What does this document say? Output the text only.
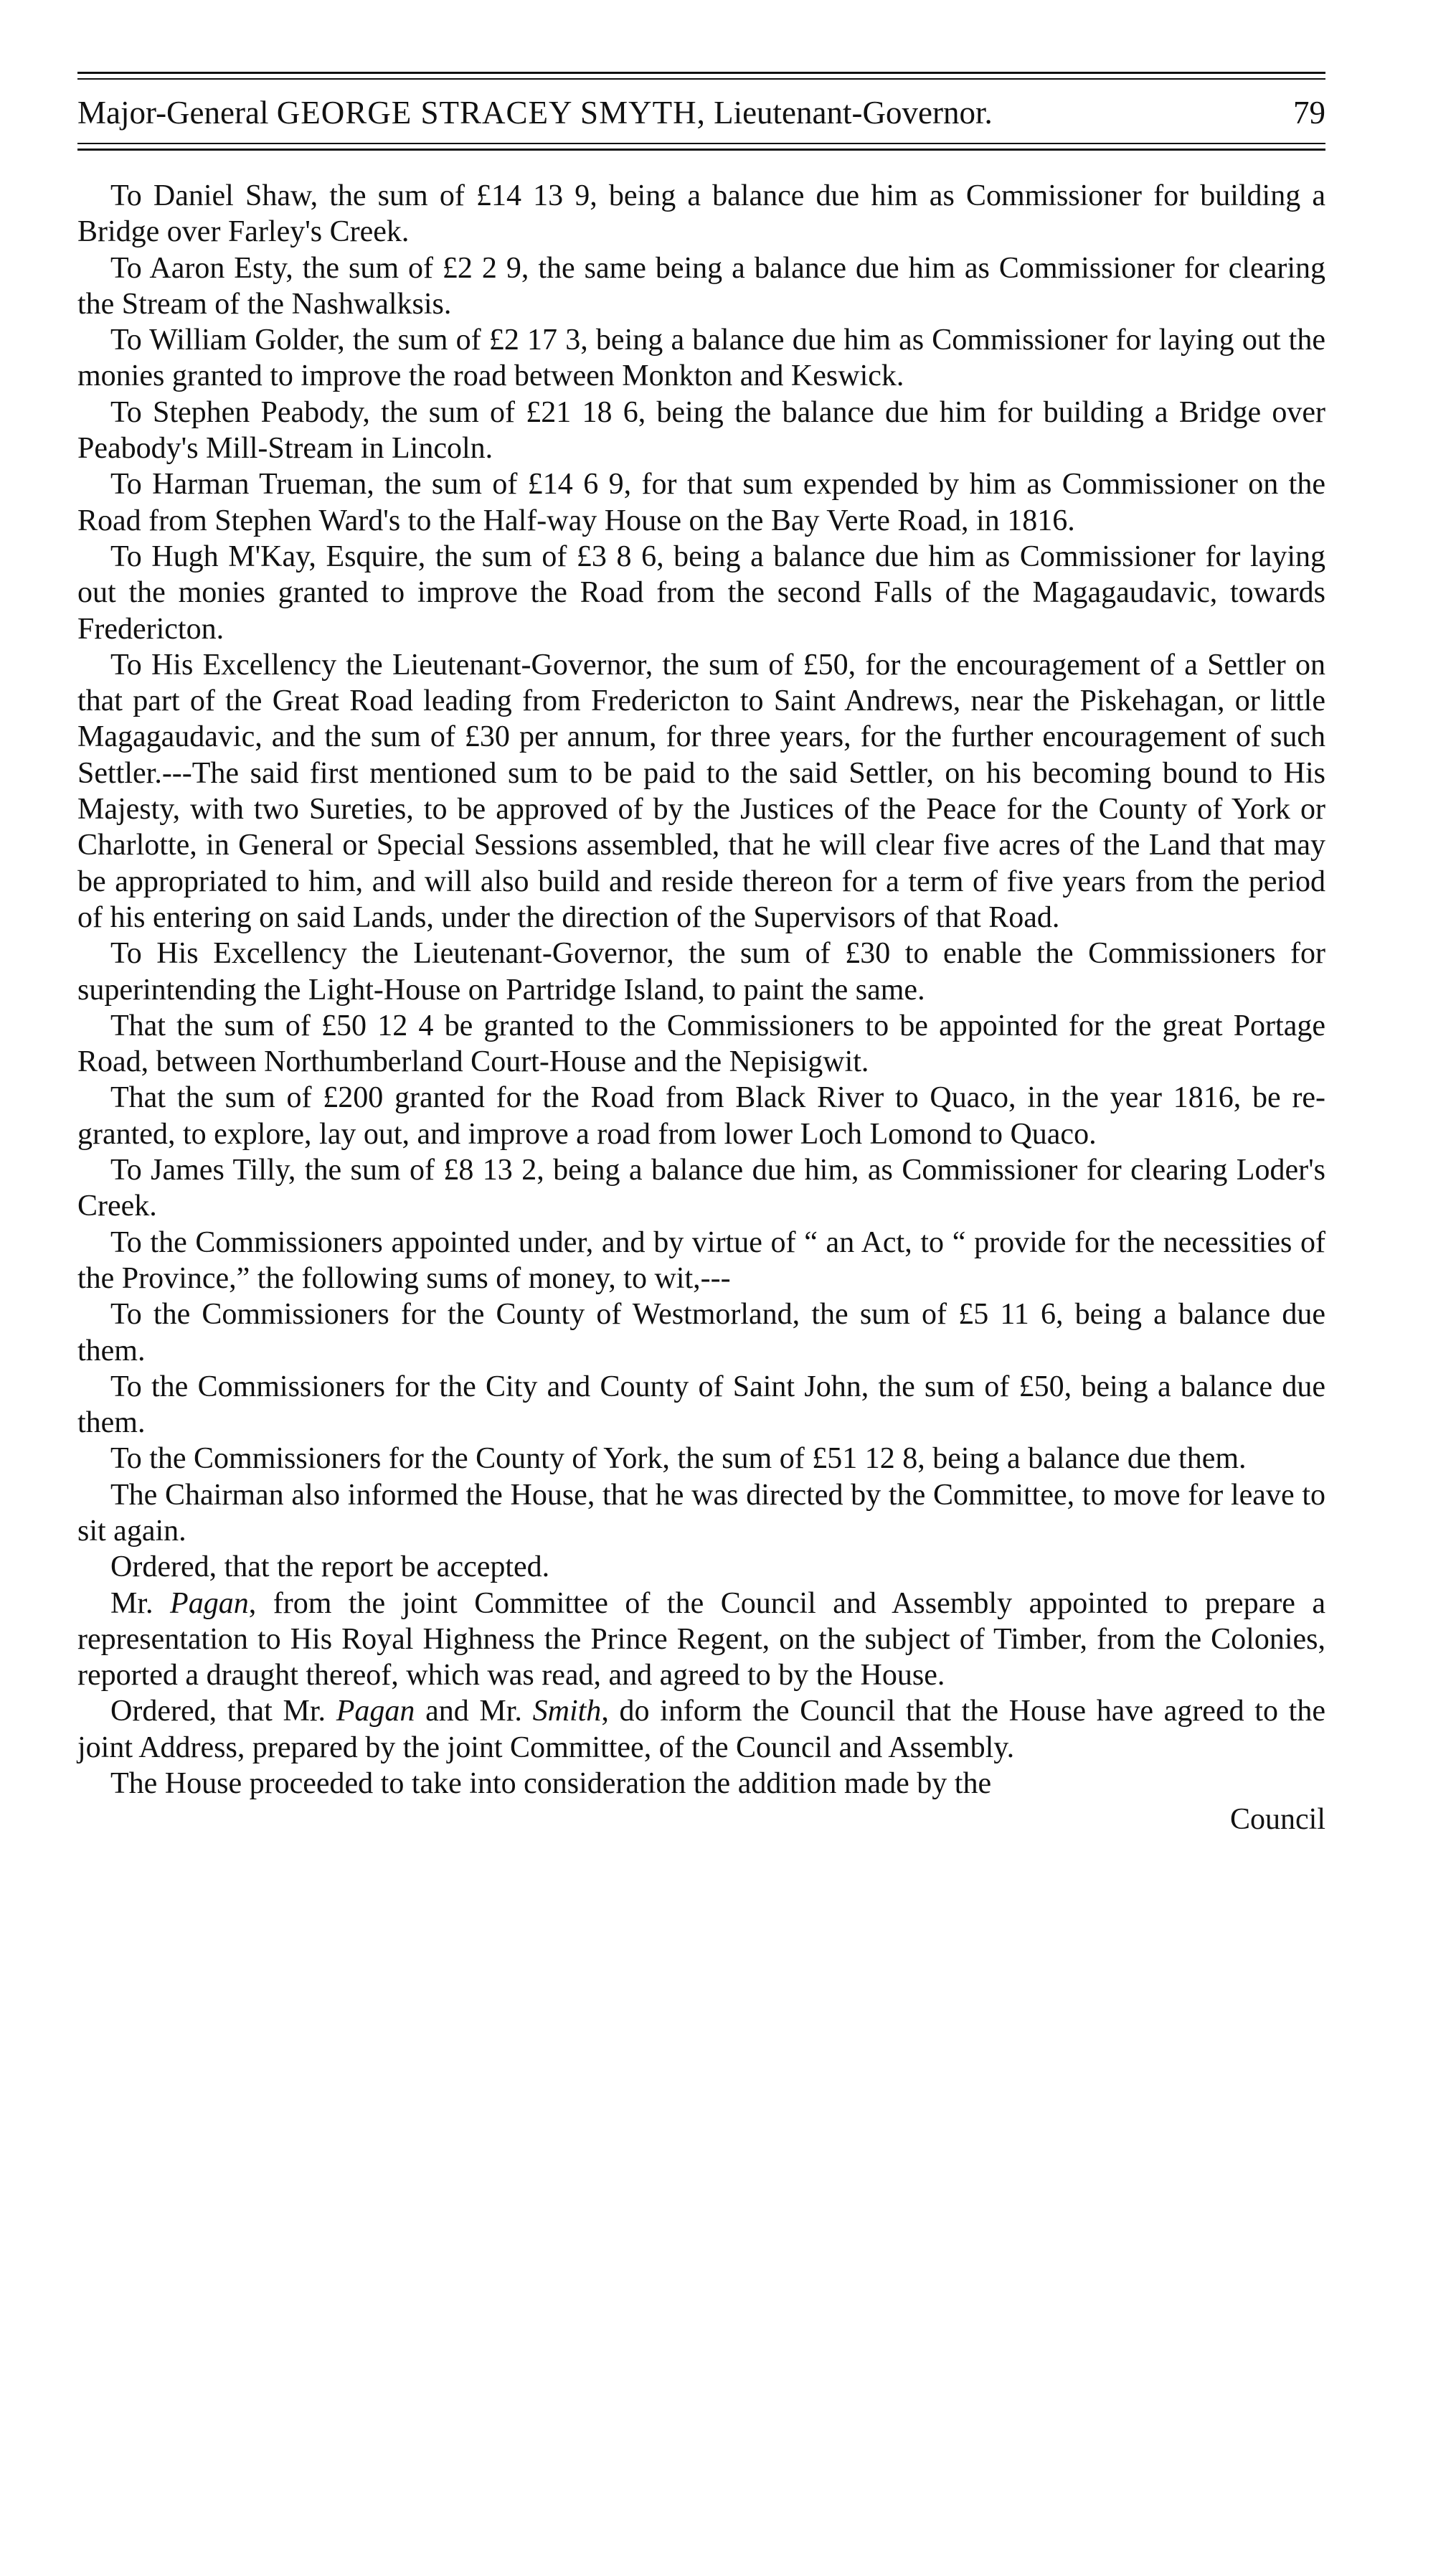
Major-General GEORGE STRACEY SMYTH, Lieutenant-Governor.	79

To Daniel Shaw, the sum of £14 13 9, being a balance due him as Commissioner for building a Bridge over Farley's Creek.

To Aaron Esty, the sum of £2 2 9, the same being a balance due him as Commissioner for clearing the Stream of the Nashwalksis.

To William Golder, the sum of £2 17 3, being a balance due him as Commissioner for laying out the monies granted to improve the road between Monkton and Keswick.

To Stephen Peabody, the sum of £21 18 6, being the balance due him for building a Bridge over Peabody's Mill-Stream in Lincoln.

To Harman Trueman, the sum of £14 6 9, for that sum expended by him as Commissioner on the Road from Stephen Ward's to the Half-way House on the Bay Verte Road, in 1816.

To Hugh M'Kay, Esquire, the sum of £3 8 6, being a balance due him as Commissioner for laying out the monies granted to improve the Road from the second Falls of the Magagaudavic, towards Fredericton.

To His Excellency the Lieutenant-Governor, the sum of £50, for the encouragement of a Settler on that part of the Great Road leading from Fredericton to Saint Andrews, near the Piskehagan, or little Magagaudavic, and the sum of £30 per annum, for three years, for the further encouragement of such Settler.---The said first mentioned sum to be paid to the said Settler, on his becoming bound to His Majesty, with two Sureties, to be approved of by the Justices of the Peace for the County of York or Charlotte, in General or Special Sessions assembled, that he will clear five acres of the Land that may be appropriated to him, and will also build and reside thereon for a term of five years from the period of his entering on said Lands, under the direction of the Supervisors of that Road.

To His Excellency the Lieutenant-Governor, the sum of £30 to enable the Commissioners for superintending the Light-House on Partridge Island, to paint the same.

That the sum of £50 12 4 be granted to the Commissioners to be appointed for the great Portage Road, between Northumberland Court-House and the Nepisigwit.

That the sum of £200 granted for the Road from Black River to Quaco, in the year 1816, be re-granted, to explore, lay out, and improve a road from lower Loch Lomond to Quaco.

To James Tilly, the sum of £8 13 2, being a balance due him, as Commissioner for clearing Loder's Creek.

To the Commissioners appointed under, and by virtue of “ an Act, to “ provide for the necessities of the Province,” the following sums of money, to wit,---

To the Commissioners for the County of Westmorland, the sum of £5 11 6, being a balance due them.

To the Commissioners for the City and County of Saint John, the sum of £50, being a balance due them.

To the Commissioners for the County of York, the sum of £51 12 8, being a balance due them.

The Chairman also informed the House, that he was directed by the Committee, to move for leave to sit again.

Ordered, that the report be accepted.

Mr. Pagan, from the joint Committee of the Council and Assembly appointed to prepare a representation to His Royal Highness the Prince Regent, on the subject of Timber, from the Colonies, reported a draught thereof, which was read, and agreed to by the House.

Ordered, that Mr. Pagan and Mr. Smith, do inform the Council that the House have agreed to the joint Address, prepared by the joint Committee, of the Council and Assembly.

The House proceeded to take into consideration the addition made by the

Council
